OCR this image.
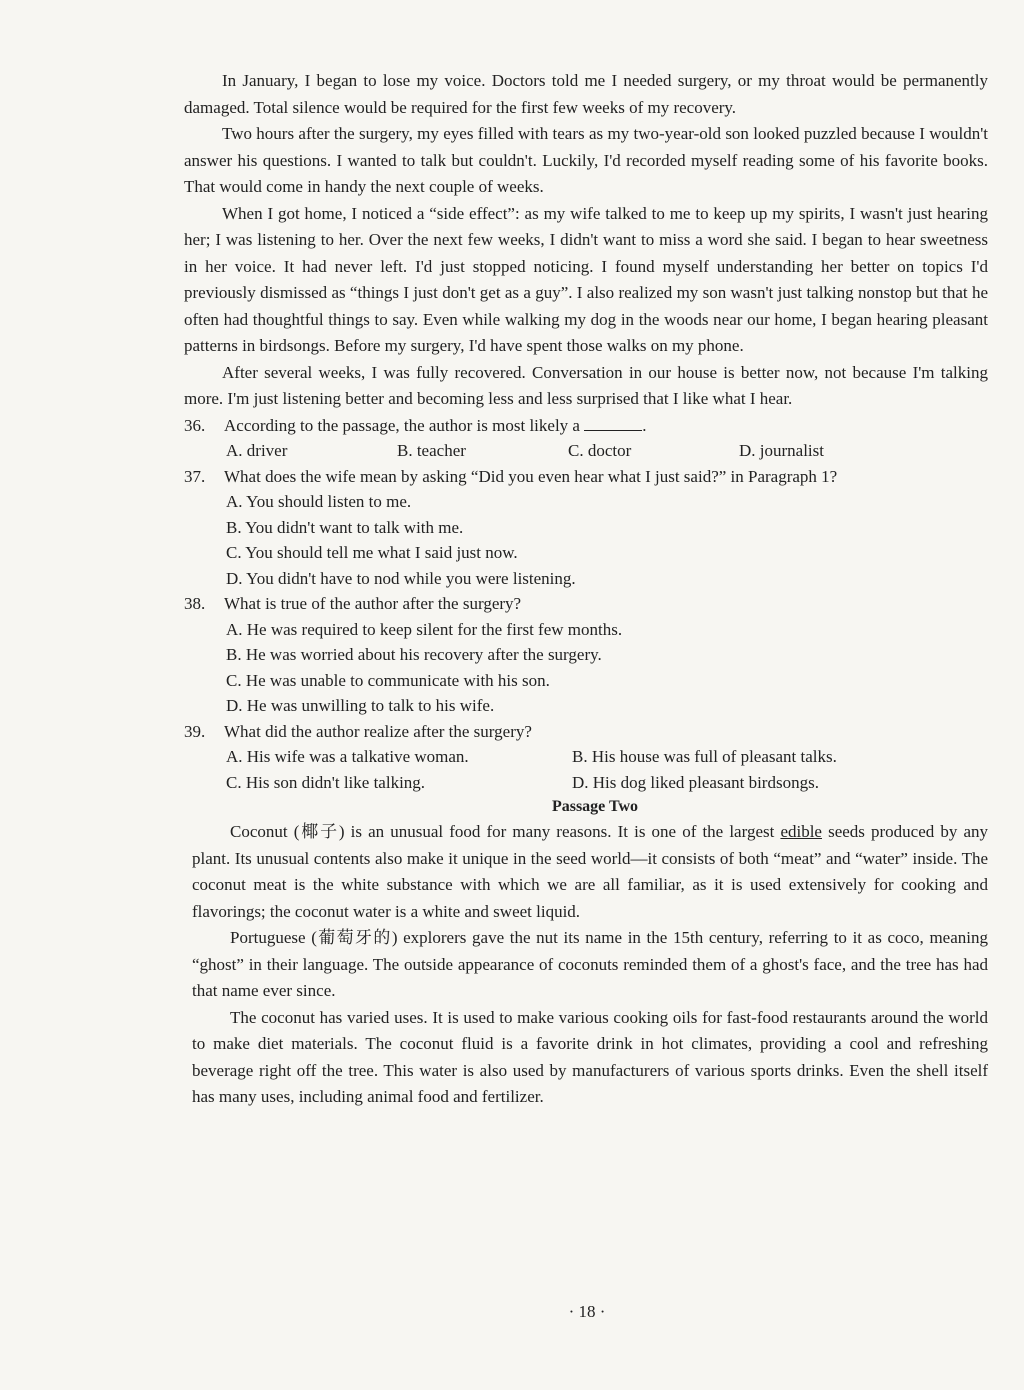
In January, I began to lose my voice. Doctors told me I needed surgery, or my throat would be permanently damaged. Total silence would be required for the first few weeks of my recovery.

Two hours after the surgery, my eyes filled with tears as my two-year-old son looked puzzled because I wouldn't answer his questions. I wanted to talk but couldn't. Luckily, I'd recorded myself reading some of his favorite books. That would come in handy the next couple of weeks.

When I got home, I noticed a “side effect”: as my wife talked to me to keep up my spirits, I wasn't just hearing her; I was listening to her. Over the next few weeks, I didn't want to miss a word she said. I began to hear sweetness in her voice. It had never left. I'd just stopped noticing. I found myself understanding her better on topics I'd previously dismissed as “things I just don't get as a guy”. I also realized my son wasn't just talking nonstop but that he often had thoughtful things to say. Even while walking my dog in the woods near our home, I began hearing pleasant patterns in birdsongs. Before my surgery, I'd have spent those walks on my phone.

After several weeks, I was fully recovered. Conversation in our house is better now, not because I'm talking more. I'm just listening better and becoming less and less surprised that I like what I hear.

36. According to the passage, the author is most likely a	.

A. driver	B. teacher	C. doctor	D. journalist

37. What does the wife mean by asking “Did you even hear what I just said?” in Paragraph 1?

A. You should listen to me.

B. You didn't want to talk with me.

C. You should tell me what I said just now.

D. You didn't have to nod while you were listening.

38. What is true of the author after the surgery?

A. He was required to keep silent for the first few months.

B. He was worried about his recovery after the surgery.

C. He was unable to communicate with his son.

D. He was unwilling to talk to his wife.

39. What did the author realize after the surgery?

A. His wife was a talkative woman.	B. His house was full of pleasant talks.
C. His son didn't like talking.	D. His dog liked pleasant birdsongs.

Passage Two

Coconut (椰子) is an unusual food for many reasons. It is one of the largest edible seeds produced by any plant. Its unusual contents also make it unique in the seed world—it consists of both “meat” and “water” inside. The coconut meat is the white substance with which we are all familiar, as it is used extensively for cooking and flavorings; the coconut water is a white and sweet liquid.

Portuguese (葡萄牙的) explorers gave the nut its name in the 15th century, referring to it as coco, meaning “ghost” in their language. The outside appearance of coconuts reminded them of a ghost's face, and the tree has had that name ever since.

The coconut has varied uses. It is used to make various cooking oils for fast-food restaurants around the world to make diet materials. The coconut fluid is a favorite drink in hot climates, providing a cool and refreshing beverage right off the tree. This water is also used by manufacturers of various sports drinks. Even the shell itself has many uses, including animal food and fertilizer.

· 18 ·
